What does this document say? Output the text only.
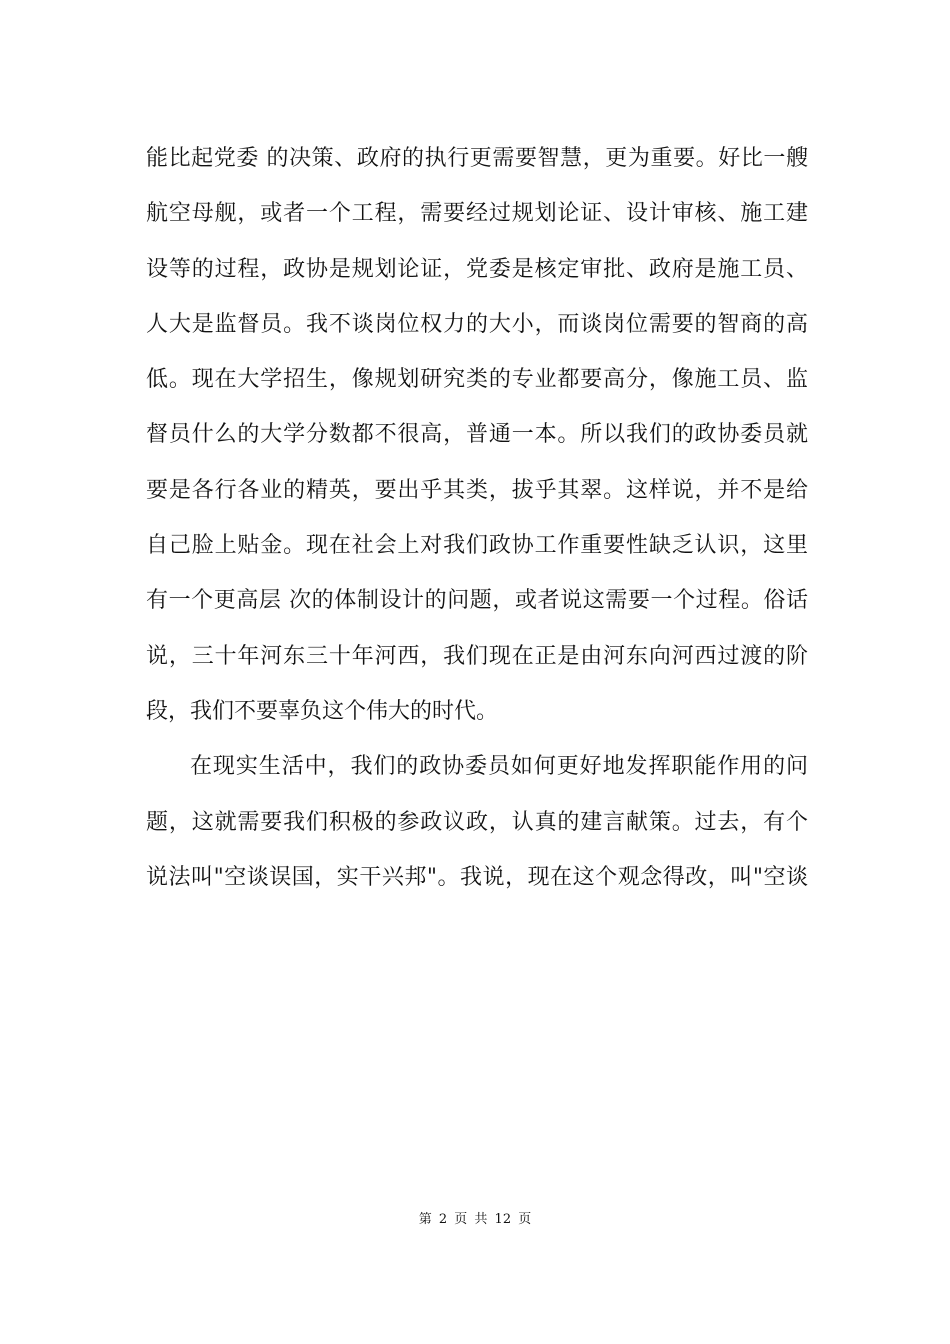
能比起党委 的决策、政府的执行更需要智慧，更为重要。好比一艘
航空母舰，或者一个工程，需要经过规划论证、设计审核、施工建
设等的过程，政协是规划论证，党委是核定审批、政府是施工员、
人大是监督员。我不谈岗位权力的大小，而谈岗位需要的智商的高
低。现在大学招生，像规划研究类的专业都要高分，像施工员、监
督员什么的大学分数都不很高，普通一本。所以我们的政协委员就
要是各行各业的精英，要出乎其类，拔乎其翠。这样说，并不是给
自己脸上贴金。现在社会上对我们政协工作重要性缺乏认识，这里
有一个更高层 次的体制设计的问题，或者说这需要一个过程。俗话
说，三十年河东三十年河西，我们现在正是由河东向河西过渡的阶
段，我们不要辜负这个伟大的时代。
在现实生活中，我们的政协委员如何更好地发挥职能作用的问
题，这就需要我们积极的参政议政，认真的建言献策。过去，有个
说法叫"空谈误国，实干兴邦"。我说，现在这个观念得改，叫"空谈
第 2 页 共 12 页
